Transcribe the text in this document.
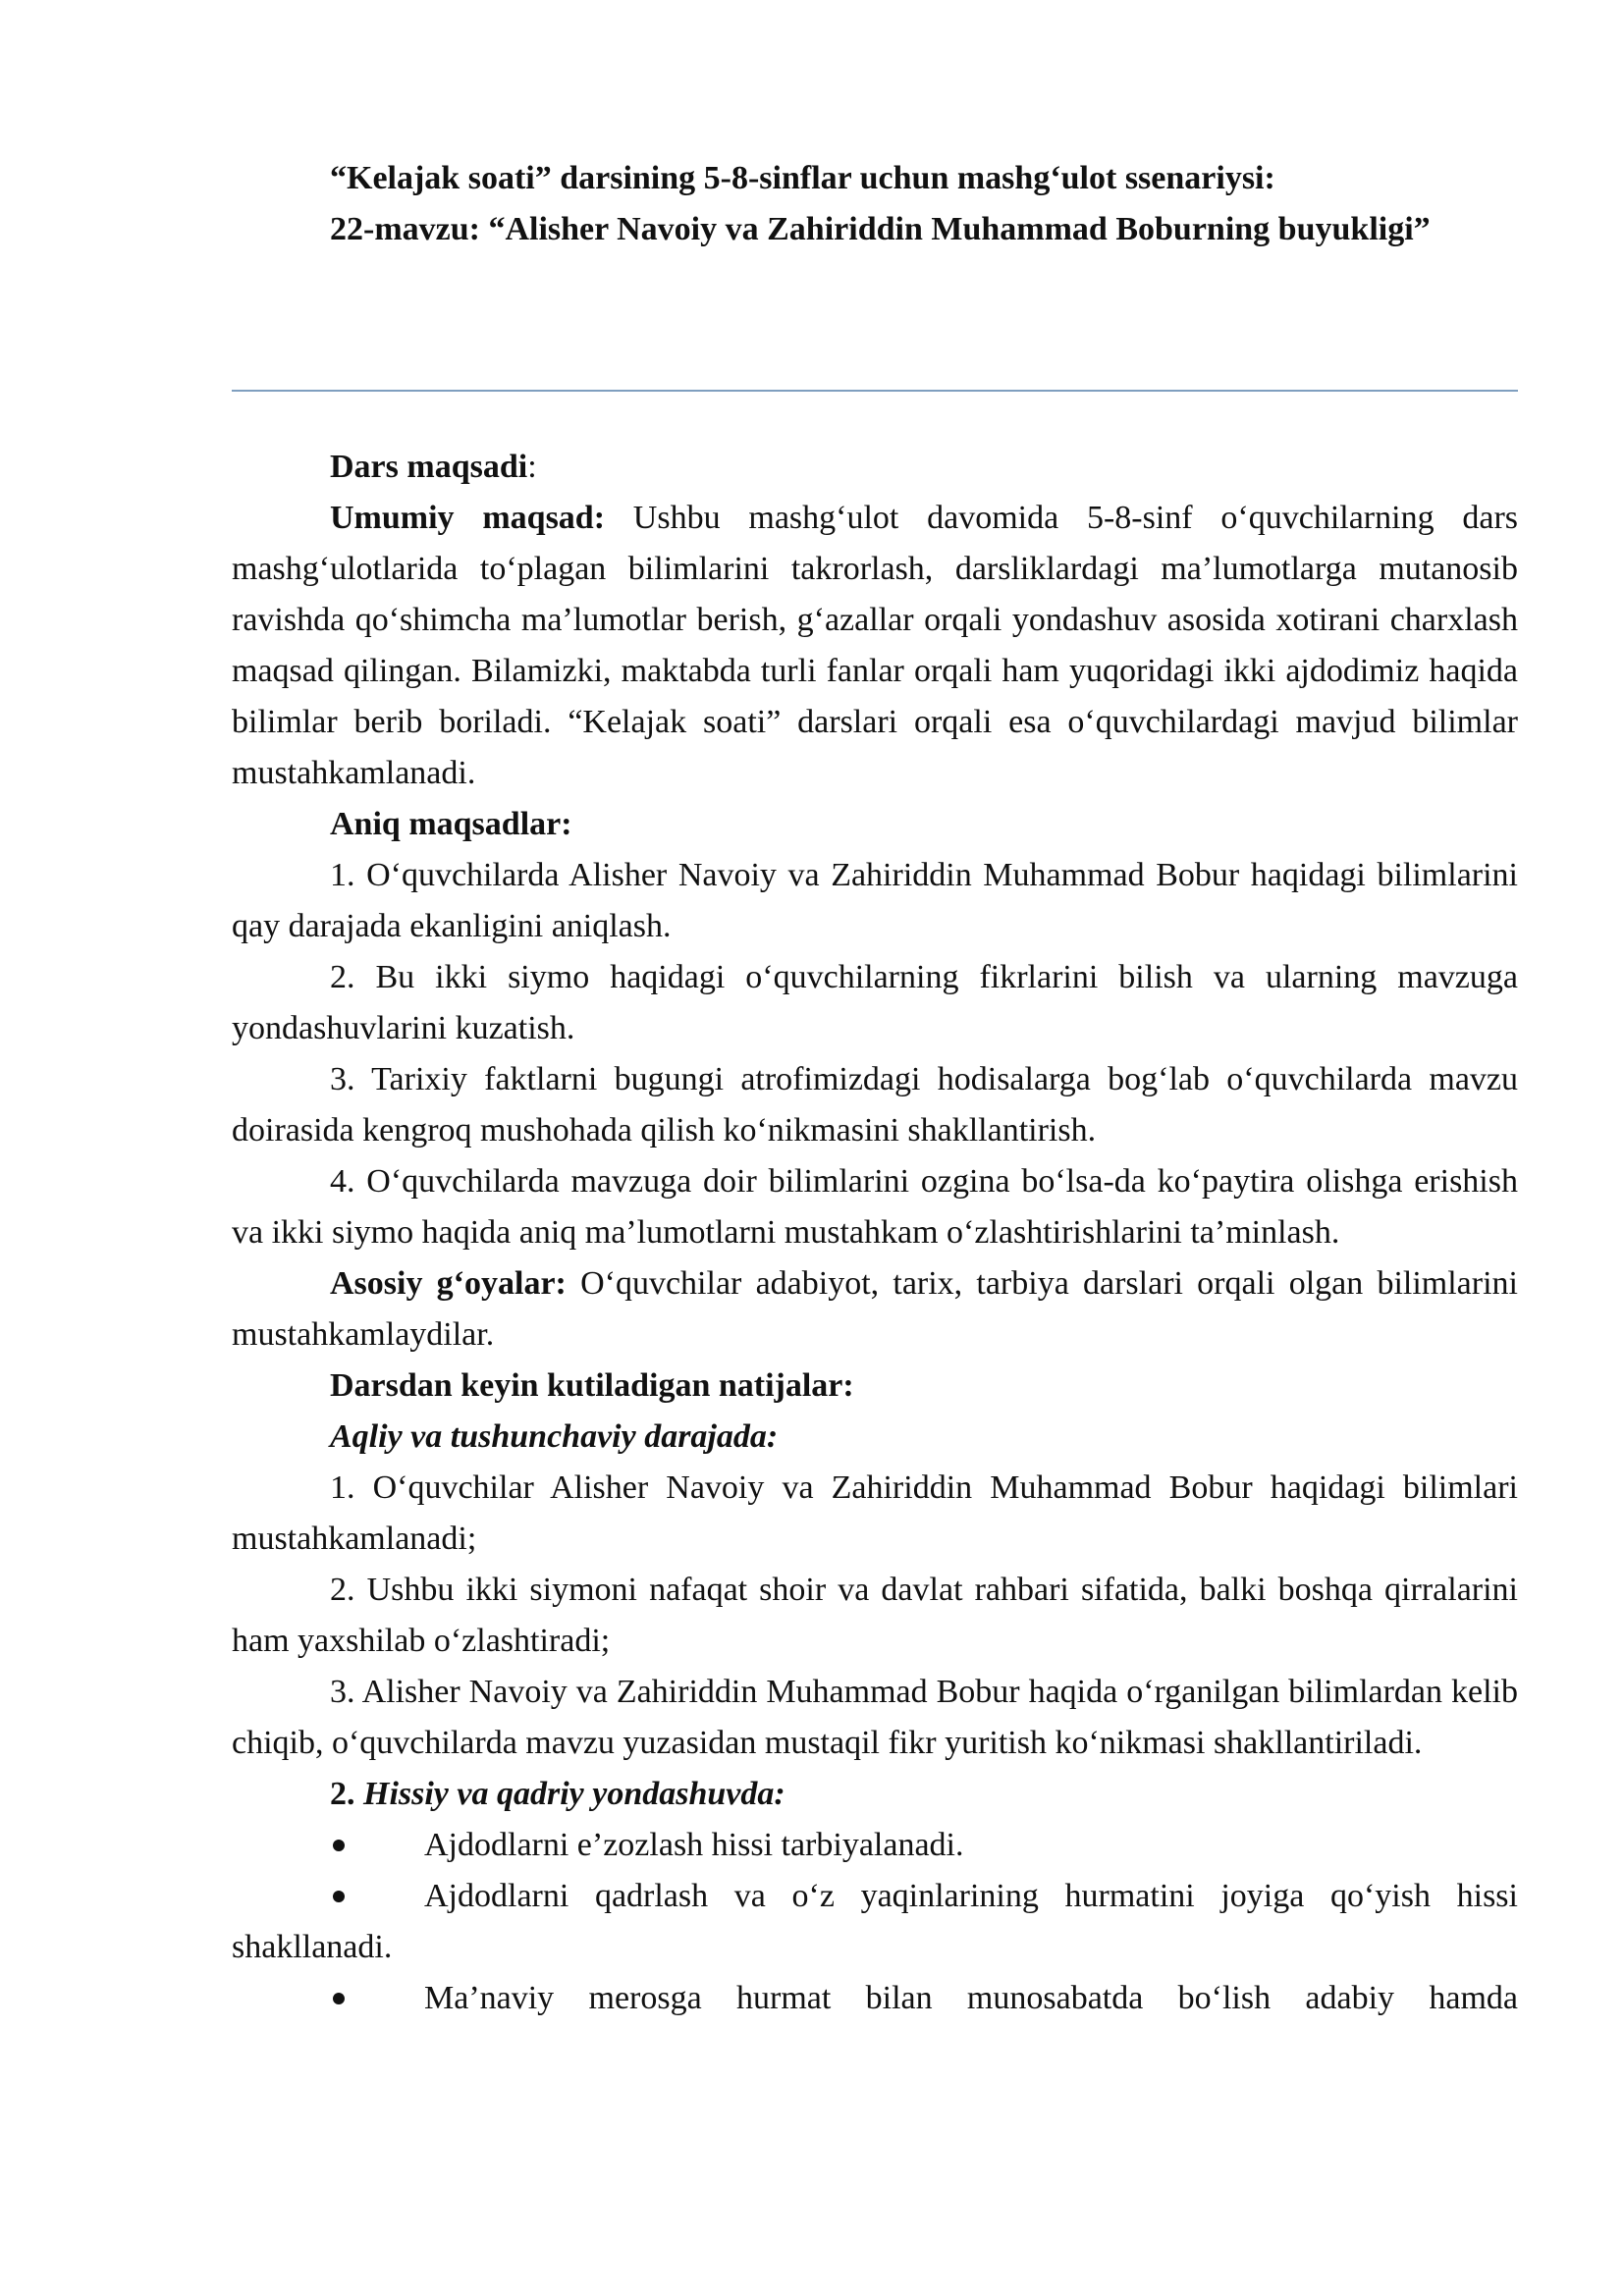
“Kelajak soati” darsining 5-8-sinflar uchun mashg‘ulot ssenariysi:

22-mavzu: “Alisher Navoiy va Zahiriddin Muhammad Boburning buyukligi”

Dars maqsadi:

Umumiy maqsad: Ushbu mashg‘ulot davomida 5-8-sinf o‘quvchilarning dars mashg‘ulotlarida to‘plagan bilimlarini takrorlash, darsliklardagi ma’lumotlarga mutanosib ravishda qo‘shimcha ma’lumotlar berish, g‘azallar orqali yondashuv asosida xotirani charxlash maqsad qilingan. Bilamizki, maktabda turli fanlar orqali ham yuqoridagi ikki ajdodimiz haqida bilimlar berib boriladi. “Kelajak soati” darslari orqali esa o‘quvchilardagi mavjud bilimlar mustahkamlanadi.

Aniq maqsadlar:

1. O‘quvchilarda Alisher Navoiy va Zahiriddin Muhammad Bobur haqidagi bilimlarini qay darajada ekanligini aniqlash.

2. Bu ikki siymo haqidagi o‘quvchilarning fikrlarini bilish va ularning mavzuga yondashuvlarini kuzatish.

3. Tarixiy faktlarni bugungi atrofimizdagi hodisalarga bog‘lab o‘quvchilarda mavzu doirasida kengroq mushohada qilish ko‘nikmasini shakllantirish.

4. O‘quvchilarda mavzuga doir bilimlarini ozgina bo‘lsa-da ko‘paytira olishga erishish va ikki siymo haqida aniq ma’lumotlarni mustahkam o‘zlashtirishlarini ta’minlash.

Asosiy g‘oyalar: O‘quvchilar adabiyot, tarix, tarbiya darslari orqali olgan bilimlarini mustahkamlaydilar.

Darsdan keyin kutiladigan natijalar:

Aqliy va tushunchaviy darajada:

1. O‘quvchilar Alisher Navoiy va Zahiriddin Muhammad Bobur haqidagi bilimlari mustahkamlanadi;

2. Ushbu ikki siymoni nafaqat shoir va davlat rahbari sifatida, balki boshqa qirralarini ham yaxshilab o‘zlashtiradi;

3. Alisher Navoiy va Zahiriddin Muhammad Bobur haqida o‘rganilgan bilimlardan kelib chiqib, o‘quvchilarda mavzu yuzasidan mustaqil fikr yuritish ko‘nikmasi shakllantiriladi.

2. Hissiy va qadriy yondashuvda:

Ajdodlarni e’zozlash hissi tarbiyalanadi.

Ajdodlarni qadrlash va o‘z yaqinlarining hurmatini joyiga qo‘yish hissi shakllanadi.

Ma’naviy merosga hurmat bilan munosabatda bo‘lish adabiy hamda
